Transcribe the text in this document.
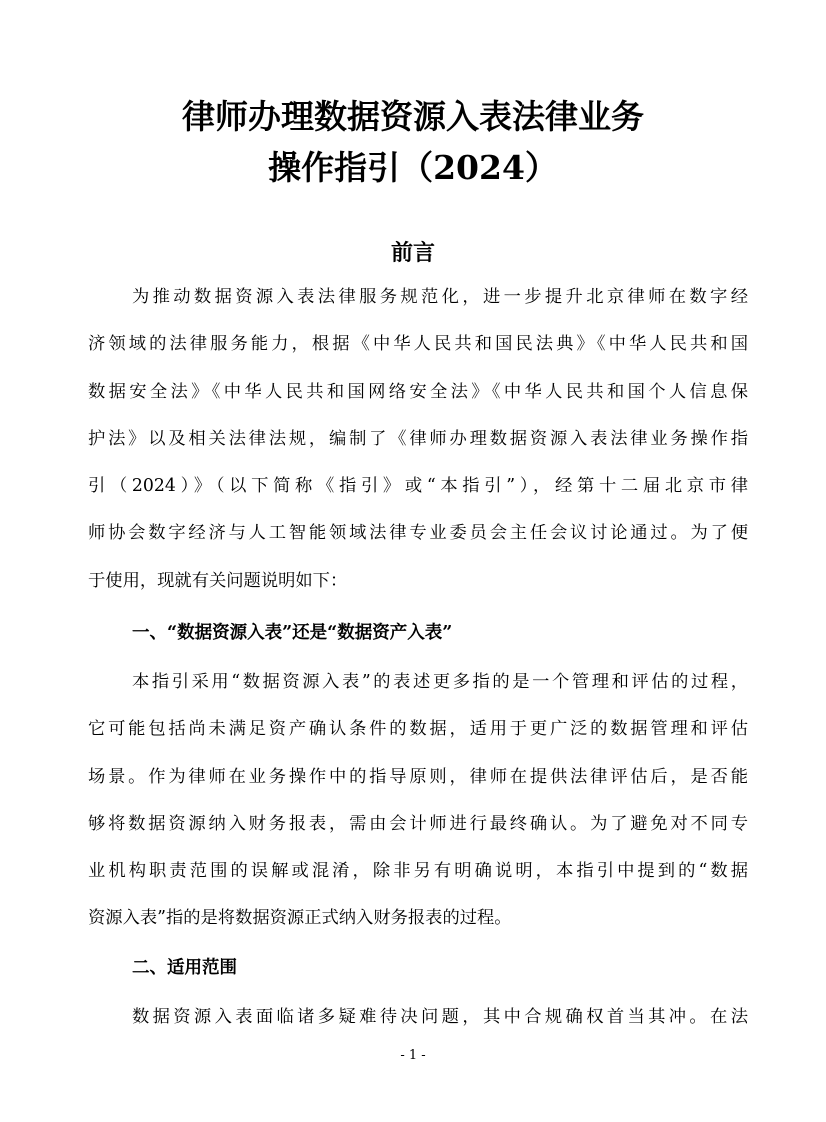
律师办理数据资源入表法律业务
操作指引（2024）
前言
为推动数据资源入表法律服务规范化，进一步提升北京律师在数字经
济领域的法律服务能力，根据《中华人民共和国民法典》《中华人民共和国
数据安全法》《中华人民共和国网络安全法》《中华人民共和国个人信息保
护法》以及相关法律法规，编制了《律师办理数据资源入表法律业务操作指
引（2024）》（以下简称《指引》或“本指引”），经第十二届北京市律
师协会数字经济与人工智能领域法律专业委员会主任会议讨论通过。为了便
于使用，现就有关问题说明如下：
一、“数据资源入表”还是“数据资产入表”
本指引采用“数据资源入表”的表述更多指的是一个管理和评估的过程，
它可能包括尚未满足资产确认条件的数据，适用于更广泛的数据管理和评估
场景。作为律师在业务操作中的指导原则，律师在提供法律评估后，是否能
够将数据资源纳入财务报表，需由会计师进行最终确认。为了避免对不同专
业机构职责范围的误解或混淆，除非另有明确说明，本指引中提到的“数据
资源入表”指的是将数据资源正式纳入财务报表的过程。
二、适用范围
数据资源入表面临诸多疑难待决问题，其中合规确权首当其冲。在法
- 1 -
